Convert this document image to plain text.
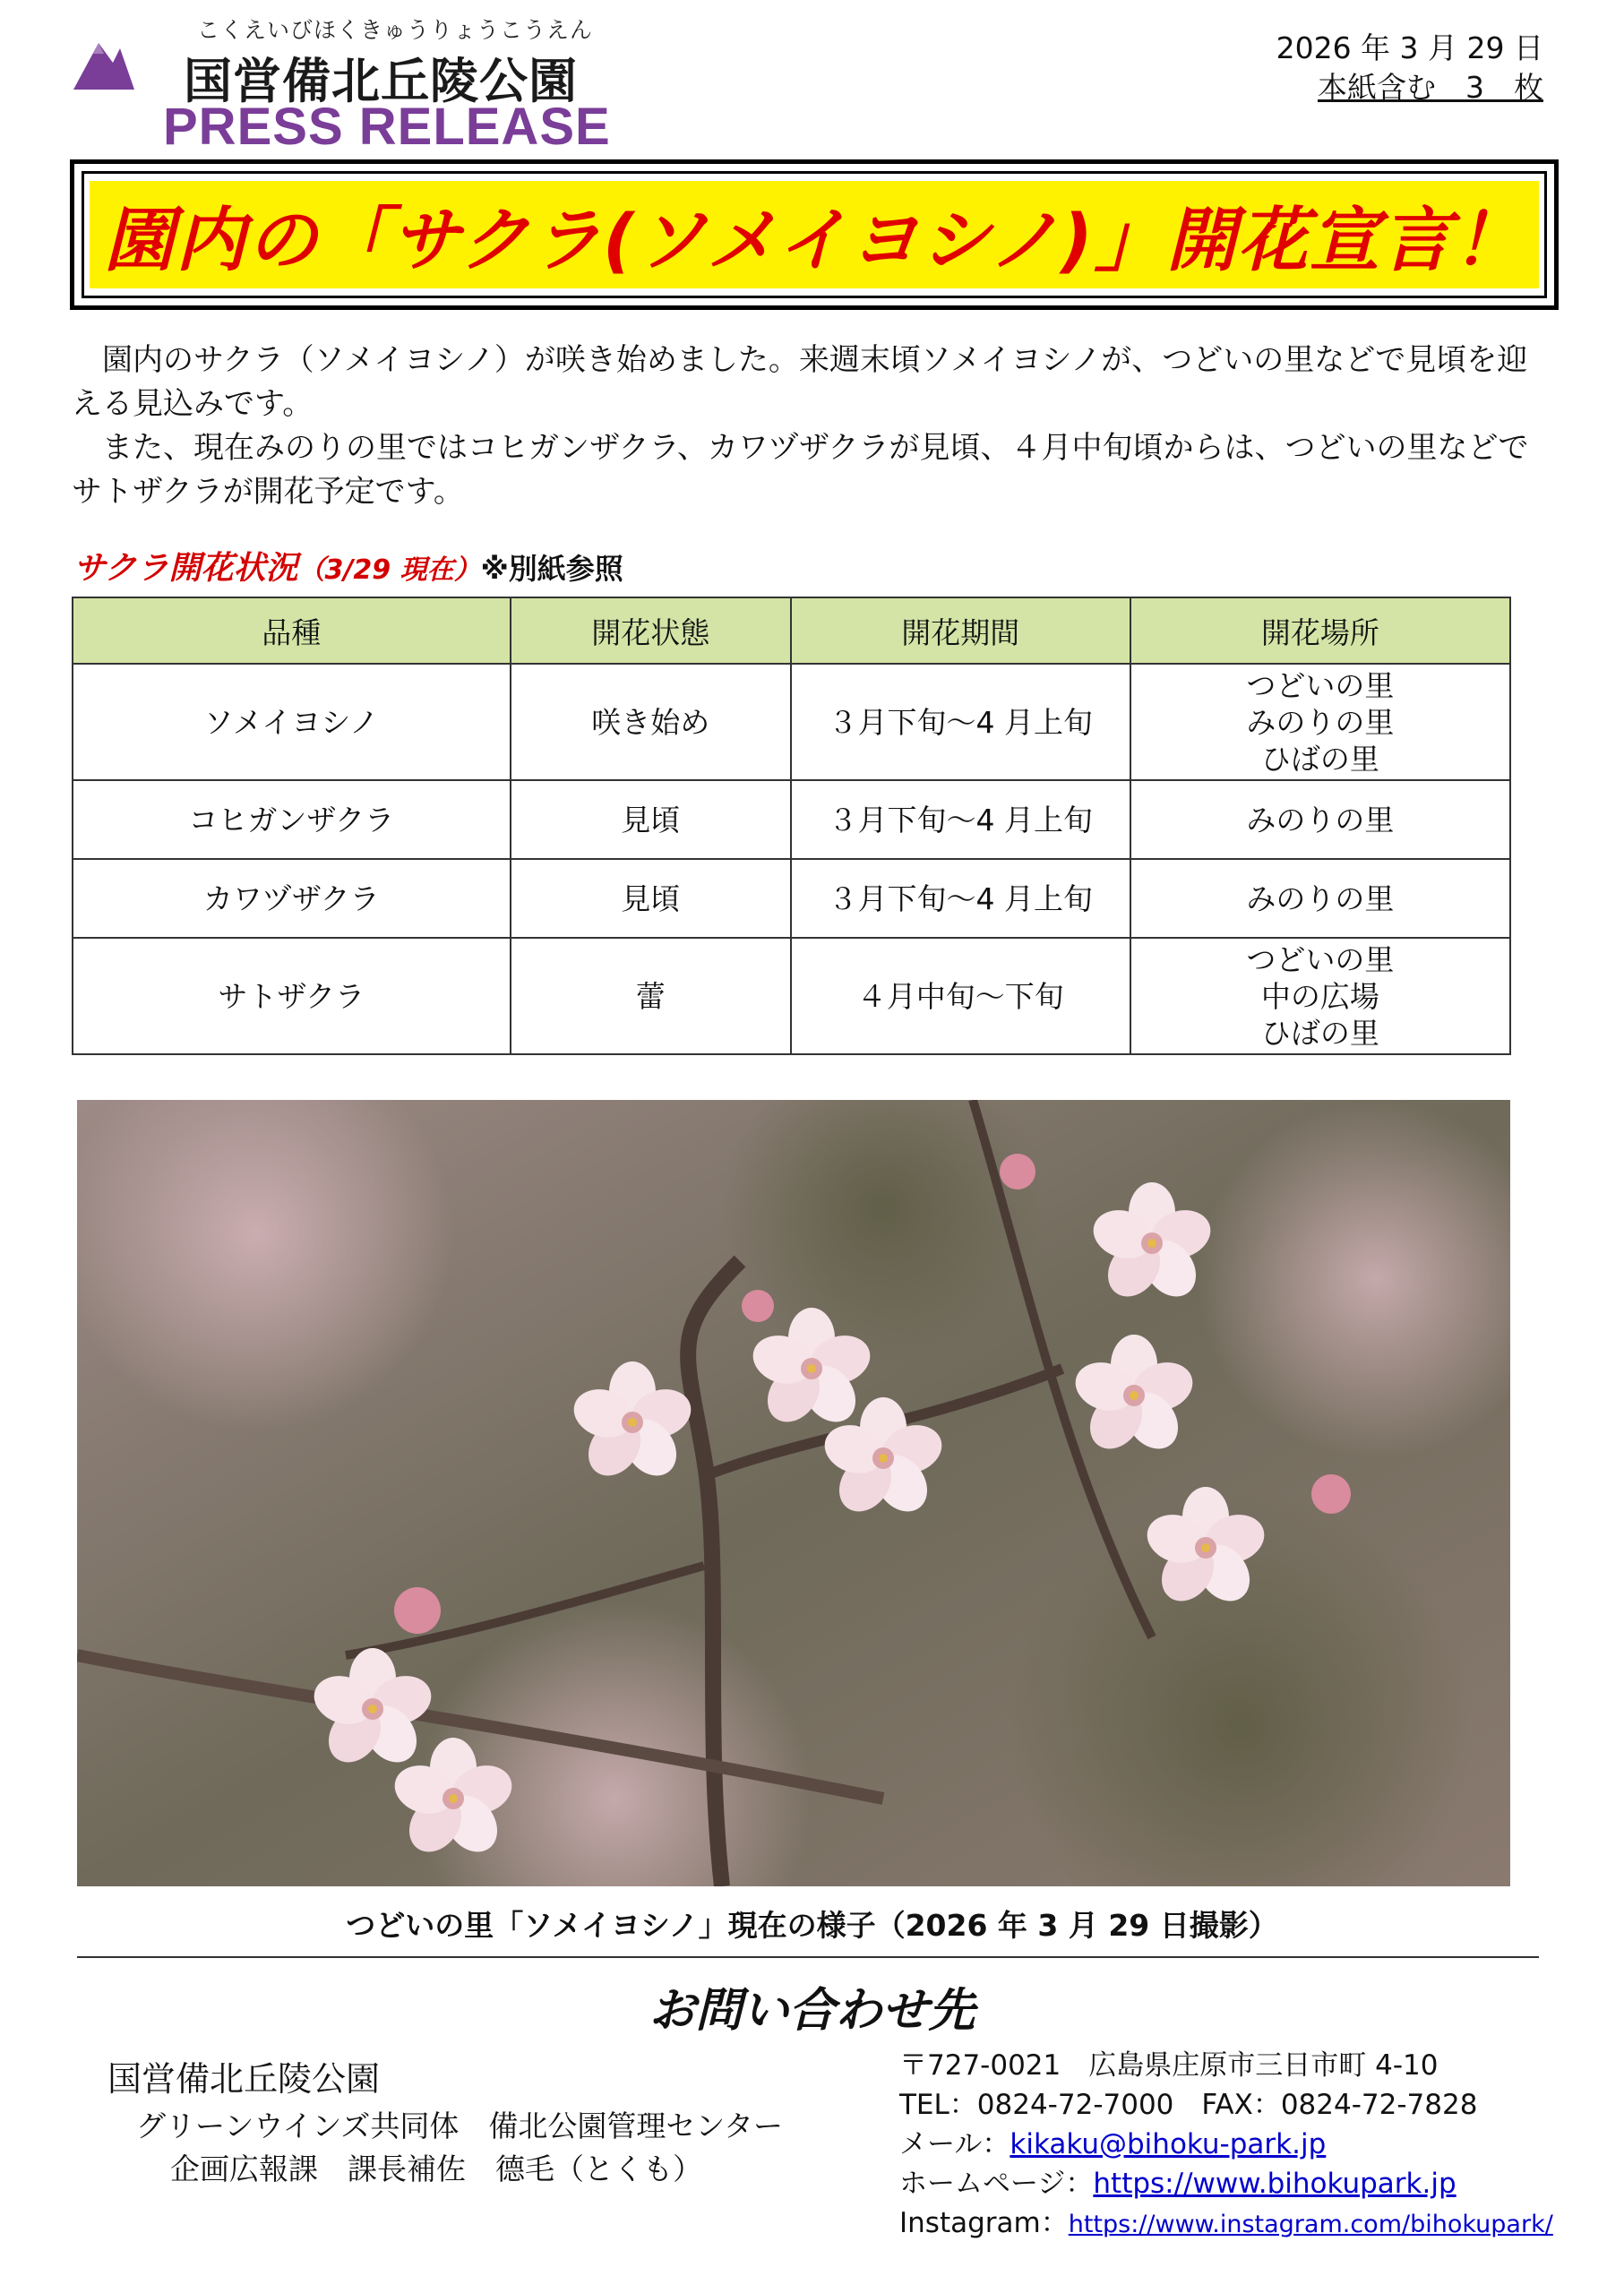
こくえいびほくきゅうりょうこうえん
国営備北丘陵公園
PRESS RELEASE
2026 年 3 月 29 日
本紙含む　3　枚
園内の「サクラ(ソメイヨシノ)」開花宣言！

園内のサクラ（ソメイヨシノ）が咲き始めました。来週末頃ソメイヨシノが、つどいの里などで見頃を迎える見込みです。

また、現在みのりの里ではコヒガンザクラ、カワヅザクラが見頃、４月中旬頃からは、つどいの里などでサトザクラが開花予定です。

サクラ開花状況（3/29 現在）※別紙参照
品種	開花状態	開花期間	開花場所
ソメイヨシノ	咲き始め	３月下旬〜4 月上旬	つどいの里
みのりの里
ひばの里

コヒガンザクラ	見頃	３月下旬〜4 月上旬	みのりの里
カワヅザクラ	見頃	３月下旬〜4 月上旬	みのりの里
サトザクラ	蕾	４月中旬〜下旬	つどいの里
中の広場
ひばの里
つどいの里「ソメイヨシノ」現在の様子（2026 年 3 月 29 日撮影）
お問い合わせ先
国営備北丘陵公園
グリーンウインズ共同体　備北公園管理センター
企画広報課　課長補佐　德毛（とくも）
〒727-0021　広島県庄原市三日市町 4-10
TEL：0824-72-7000　FAX：0824-72-7828
メール：kikaku@bihoku-park.jp
ホームページ：https://www.bihokupark.jp
Instagram：https://www.instagram.com/bihokupark/
